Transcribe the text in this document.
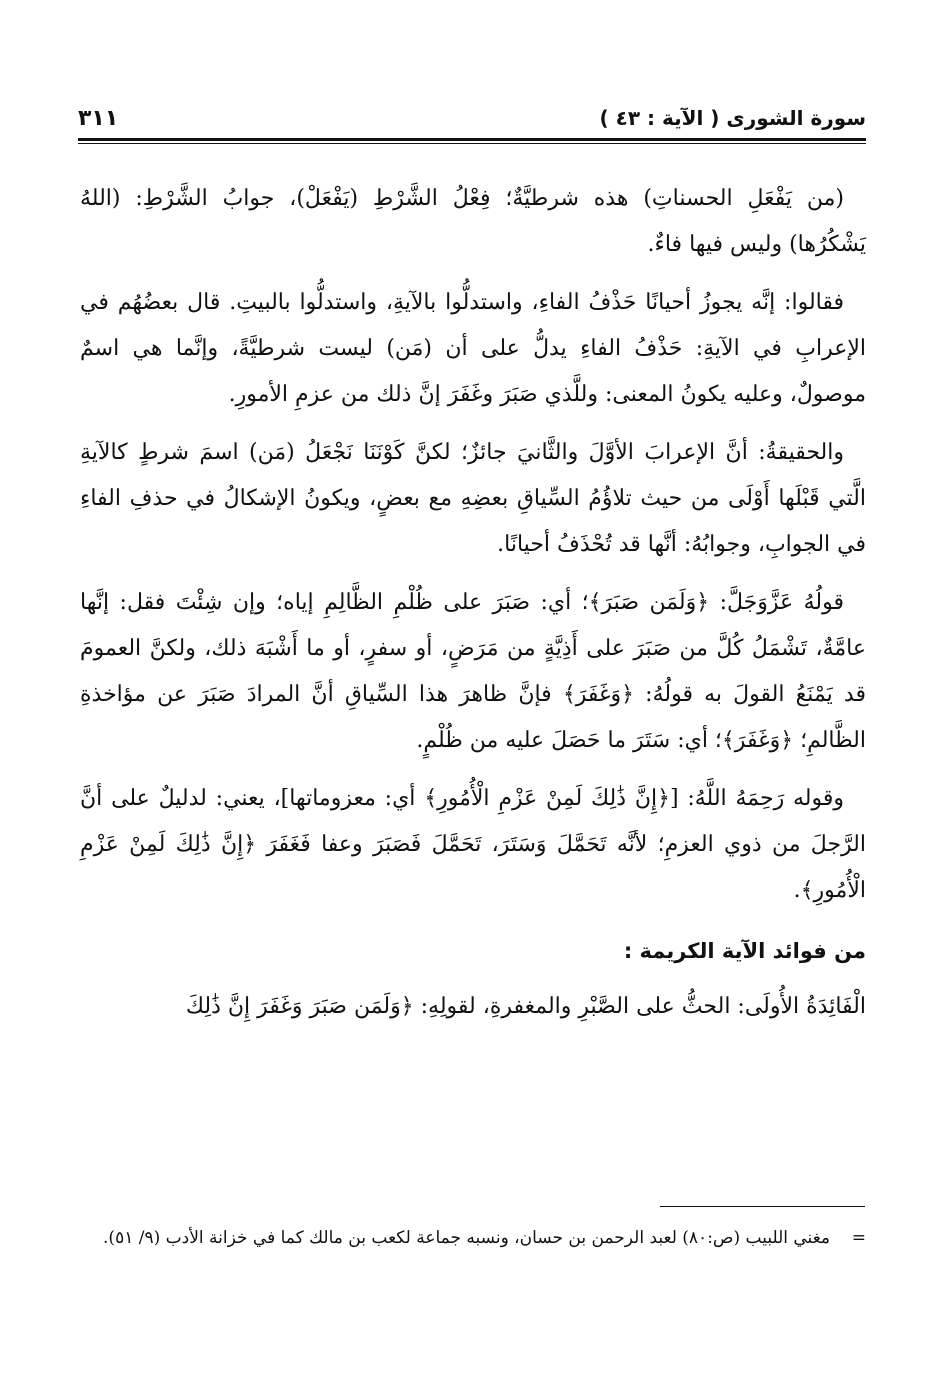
سورة الشورى ( الآية : ٤٣ )
٣١١

(من يَفْعَلِ الحسناتِ) هذه شرطيَّةٌ؛ فِعْلُ الشَّرْطِ (يَفْعَلْ)، جوابُ الشَّرْطِ: (اللهُ يَشْكُرُها) وليس فيها فاءٌ.

فقالوا: إنَّه يجوزُ أحيانًا حَذْفُ الفاءِ، واستدلُّوا بالآيةِ، واستدلُّوا بالبيتِ. قال بعضُهُم في الإعرابِ في الآيةِ: حَذْفُ الفاءِ يدلُّ على أن (مَن) ليست شرطيَّةً، وإنَّما هي اسمٌ موصولٌ، وعليه يكونُ المعنى: وللَّذي صَبَرَ وغَفَرَ إنَّ ذلك من عزمِ الأمورِ.

والحقيقةُ: أنَّ الإعرابَ الأوَّلَ والثَّانيَ جائزٌ؛ لكنَّ كَوْنَنَا نَجْعَلُ (مَن) اسمَ شرطٍ كالآيةِ الَّتي قَبْلَها أَوْلَى من حيث تلاؤُمُ السِّياقِ بعضِهِ مع بعضٍ، ويكونُ الإشكالُ في حذفِ الفاءِ في الجوابِ، وجوابُهُ: أنَّها قد تُحْذَفُ أحيانًا.

قولُهُ عَزَّوَجَلَّ: ﴿وَلَمَن صَبَرَ﴾؛ أي: صَبَرَ على ظُلْمِ الظَّالِمِ إياه؛ وإن شِئْتَ فقل: إنَّها عامَّةٌ، تَشْمَلُ كُلَّ من صَبَرَ على أَذِيَّةٍ من مَرَضٍ، أو سفرٍ، أو ما أَشْبَهَ ذلك، ولكنَّ العمومَ قد يَمْنَعُ القولَ به قولُهُ: ﴿وَغَفَرَ﴾ فإنَّ ظاهرَ هذا السِّياقِ أنَّ المرادَ صَبَرَ عن مؤاخذةِ الظَّالمِ؛ ﴿وَغَفَرَ﴾؛ أي: سَتَرَ ما حَصَلَ عليه من ظُلْمٍ.

وقوله رَحِمَهُ اللَّهُ: [﴿إِنَّ ذَٰلِكَ لَمِنْ عَزْمِ الْأُمُورِ﴾ أي: معزوماتها]، يعني: لدليلٌ على أنَّ الرَّجلَ من ذوي العزمِ؛ لأنَّه تَحَمَّلَ وَسَتَرَ، تَحَمَّلَ فَصَبَرَ وعفا فَغَفَرَ ﴿إِنَّ ذَٰلِكَ لَمِنْ عَزْمِ الْأُمُورِ﴾.

من فوائد الآية الكريمة :

الْفَائِدَةُ الأُولَى: الحثُّ على الصَّبْرِ والمغفرةِ، لقولِهِ: ﴿وَلَمَن صَبَرَ وَغَفَرَ إِنَّ ذَٰلِكَ

=مغني اللبيب (ص:٨٠) لعبد الرحمن بن حسان، ونسبه جماعة لكعب بن مالك كما في خزانة الأدب (٩/ ٥١).
